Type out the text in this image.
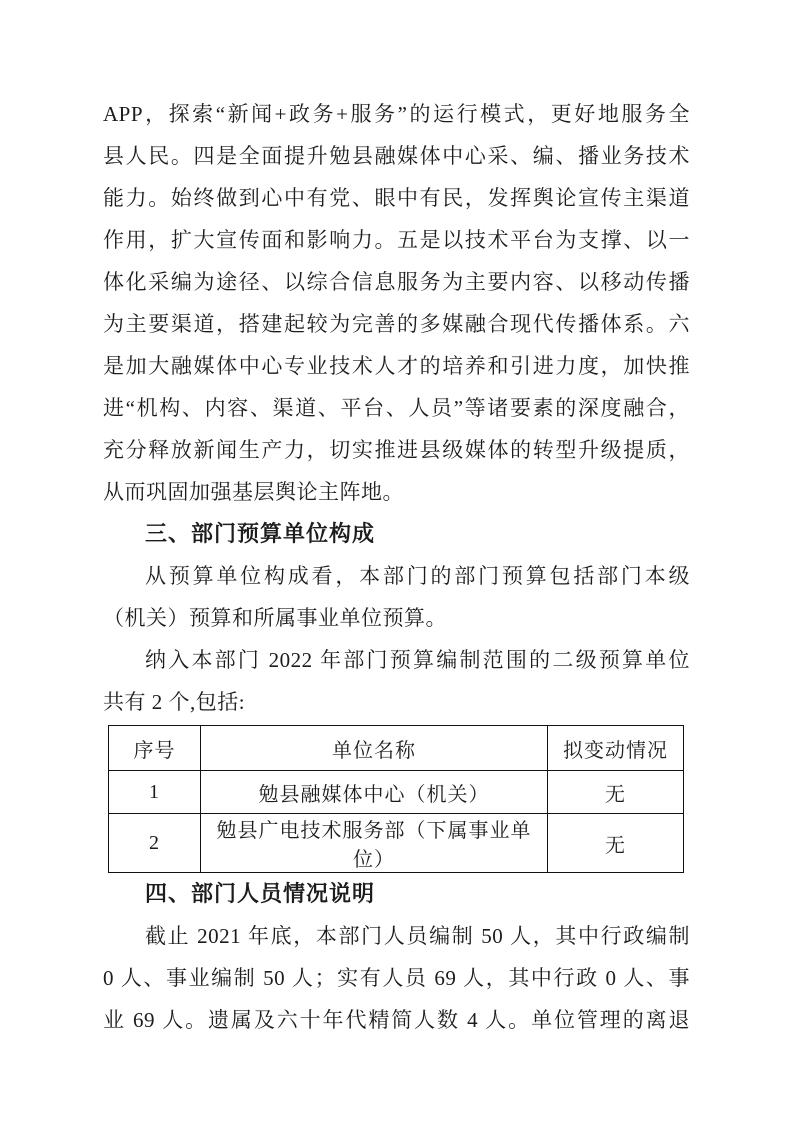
APP，探索“新闻+政务+服务”的运行模式，更好地服务全
县人民。四是全面提升勉县融媒体中心采、编、播业务技术
能力。始终做到心中有党、眼中有民，发挥舆论宣传主渠道
作用，扩大宣传面和影响力。五是以技术平台为支撑、以一
体化采编为途径、以综合信息服务为主要内容、以移动传播
为主要渠道，搭建起较为完善的多媒融合现代传播体系。六
是加大融媒体中心专业技术人才的培养和引进力度，加快推
进“机构、内容、渠道、平台、人员”等诸要素的深度融合，
充分释放新闻生产力，切实推进县级媒体的转型升级提质，
从而巩固加强基层舆论主阵地。
三、部门预算单位构成
从预算单位构成看，本部门的部门预算包括部门本级
（机关）预算和所属事业单位预算。
纳入本部门 2022 年部门预算编制范围的二级预算单位
共有 2 个,包括:
序号	单位名称	拟变动情况
1	勉县融媒体中心（机关）	无
2	勉县广电技术服务部（下属事业单位）	无
四、部门人员情况说明
截止 2021 年底，本部门人员编制 50 人，其中行政编制
0 人、事业编制 50 人；实有人员 69 人，其中行政 0 人、事
业 69 人。遗属及六十年代精简人数 4 人。单位管理的离退
